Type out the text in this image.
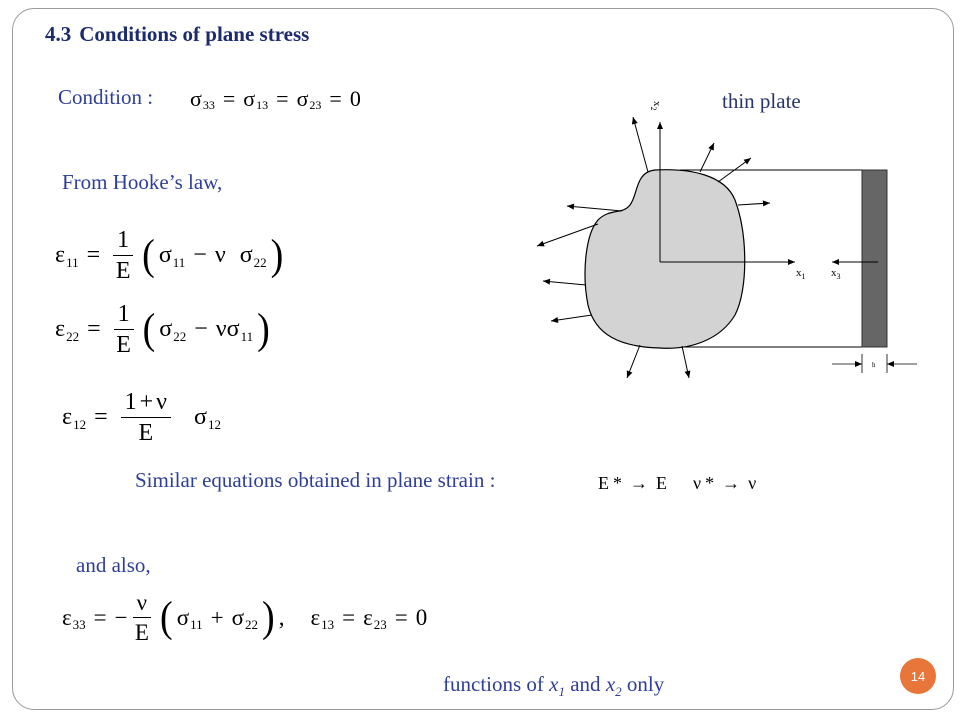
4.3 Conditions of plane stress
Condition : σ 33 = σ 13 = σ 23 = 0	thin plate
From Hooke’s law,
ε $11 = \frac{1}{E}$ ( σ 11 − ν σ 22 )
ε $22 = \frac{1}{E}$ ( σ 22 − ν σ 11 )
ε $12 = \frac{1 + \nu}{E}$ σ 12
Similar equations obtained in plane strain :	E * → E ν * → ν
and also,
ε 33 = − $\frac{\nu}{E}$ ( σ 11 + σ 22 ) , ε 13 = ε 23 = 0
functions of $x_1$ and $x_2$ only	14
$x_2$
$x_1$ $x_3$
h
